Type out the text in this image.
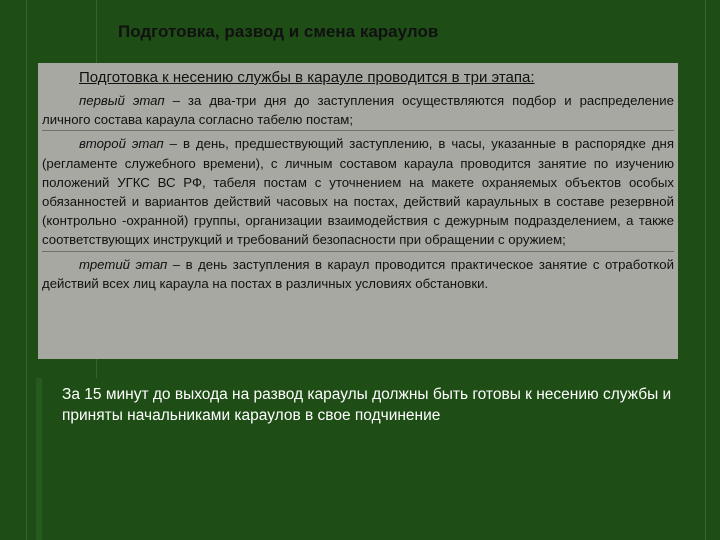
Подготовка, развод и смена караулов

Подготовка к несению службы в карауле проводится в три этапа:

первый этап – за два-три дня до заступления осуществляются подбор и распределение личного состава караула согласно табелю постам;

второй этап – в день, предшествующий заступлению, в часы, указанные в распорядке дня (регламенте служебного времени), с личным составом караула проводится занятие по изучению положений УГКС ВС РФ, табеля постам с уточнением на макете охраняемых объектов особых обязанностей и вариантов действий часовых на постах, действий караульных в составе резервной (контрольно -охранной) группы, организации взаимодействия с дежурным подразделением, а также соответствующих инструкций и требований безопасности при обращении с оружием;

третий этап – в день заступления в караул проводится практическое занятие с отработкой действий всех лиц караула на постах в различных условиях обстановки.

За 15 минут до выхода на развод караулы должны быть готовы к несению службы и приняты начальниками караулов в свое подчинение
